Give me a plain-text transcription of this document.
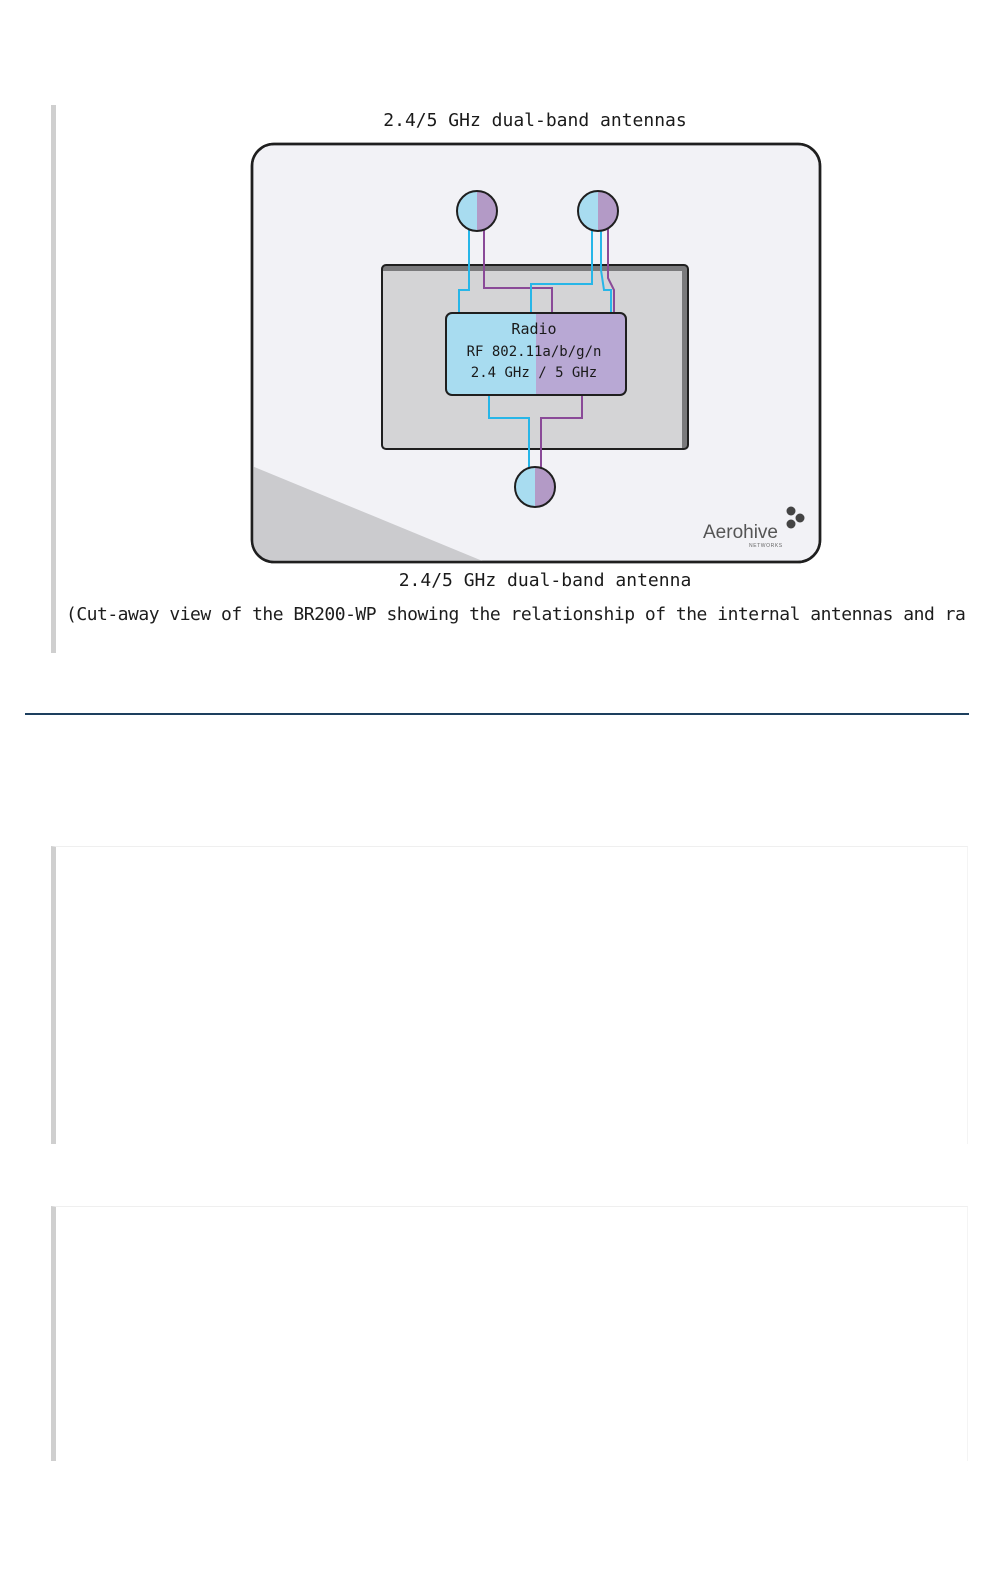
2.4/5 GHz dual-band antennas
Radio
RF 802.11a/b/g/n
2.4 GHz / 5 GHz
Aerohive
NETWORKS
2.4/5 GHz dual-band antenna
(Cut-away view of the BR200-WP showing the relationship of the internal antennas and ra
